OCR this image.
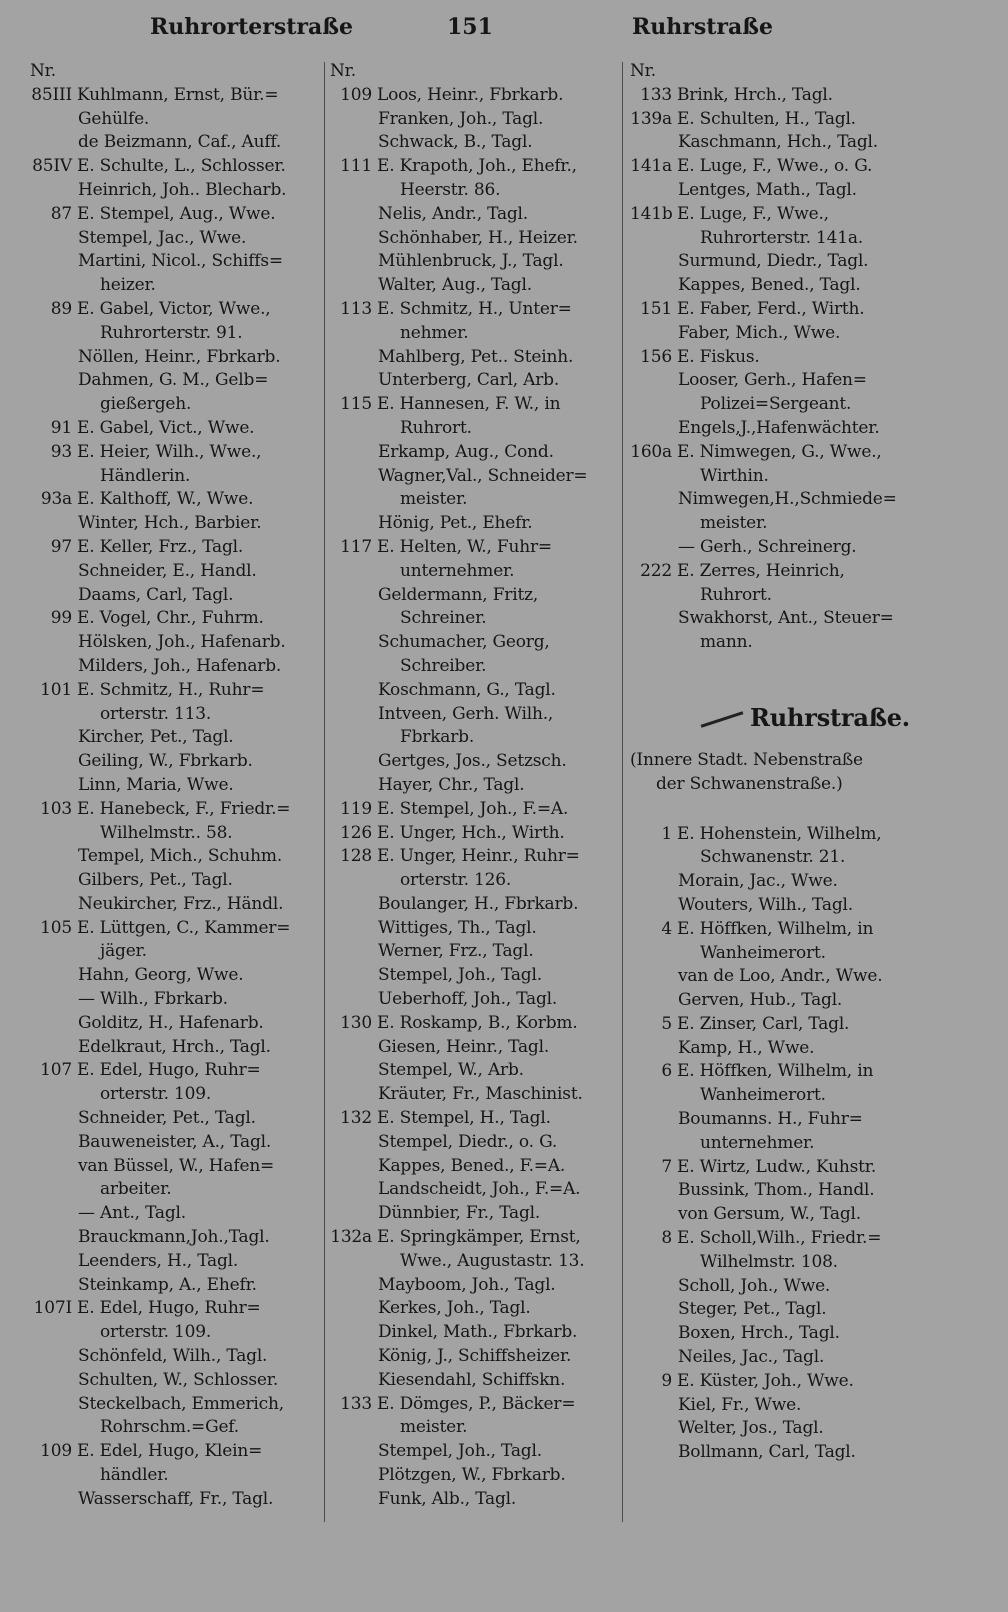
Ruhrorterstraße	151	Ruhrstraße
Nr.
85III Kuhlmann, Ernst, Bür.=
Gehülfe.
de Beizmann, Caf., Auff.
85IV E. Schulte, L., Schlosser.
Heinrich, Joh.. Blecharb.
87 E. Stempel, Aug., Wwe.
Stempel, Jac., Wwe.
Martini, Nicol., Schiffs=
heizer.
89 E. Gabel, Victor, Wwe.,
Ruhrorterstr. 91.
Nöllen, Heinr., Fbrkarb.
Dahmen, G. M., Gelb=
gießergeh.
91 E. Gabel, Vict., Wwe.
93 E. Heier, Wilh., Wwe.,
Händlerin.
93a E. Kalthoff, W., Wwe.
Winter, Hch., Barbier.
97 E. Keller, Frz., Tagl.
Schneider, E., Handl.
Daams, Carl, Tagl.
99 E. Vogel, Chr., Fuhrm.
Hölsken, Joh., Hafenarb.
Milders, Joh., Hafenarb.
101 E. Schmitz, H., Ruhr=
orterstr. 113.
Kircher, Pet., Tagl.
Geiling, W., Fbrkarb.
Linn, Maria, Wwe.
103 E. Hanebeck, F., Friedr.=
Wilhelmstr.. 58.
Tempel, Mich., Schuhm.
Gilbers, Pet., Tagl.
Neukircher, Frz., Händl.
105 E. Lüttgen, C., Kammer=
jäger.
Hahn, Georg, Wwe.
— Wilh., Fbrkarb.
Golditz, H., Hafenarb.
Edelkraut, Hrch., Tagl.
107 E. Edel, Hugo, Ruhr=
orterstr. 109.
Schneider, Pet., Tagl.
Bauweneister, A., Tagl.
van Büssel, W., Hafen=
arbeiter.
— Ant., Tagl.
Brauckmann,Joh.,Tagl.
Leenders, H., Tagl.
Steinkamp, A., Ehefr.
107I E. Edel, Hugo, Ruhr=
orterstr. 109.
Schönfeld, Wilh., Tagl.
Schulten, W., Schlosser.
Steckelbach, Emmerich,
Rohrschm.=Gef.
109 E. Edel, Hugo, Klein=
händler.
Wasserschaff, Fr., Tagl.
Nr.
109 Loos, Heinr., Fbrkarb.
Franken, Joh., Tagl.
Schwack, B., Tagl.
111 E. Krapoth, Joh., Ehefr.,
Heerstr. 86.
Nelis, Andr., Tagl.
Schönhaber, H., Heizer.
Mühlenbruck, J., Tagl.
Walter, Aug., Tagl.
113 E. Schmitz, H., Unter=
nehmer.
Mahlberg, Pet.. Steinh.
Unterberg, Carl, Arb.
115 E. Hannesen, F. W., in
Ruhrort.
Erkamp, Aug., Cond.
Wagner,Val., Schneider=
meister.
Hönig, Pet., Ehefr.
117 E. Helten, W., Fuhr=
unternehmer.
Geldermann, Fritz,
Schreiner.
Schumacher, Georg,
Schreiber.
Koschmann, G., Tagl.
Intveen, Gerh. Wilh.,
Fbrkarb.
Gertges, Jos., Setzsch.
Hayer, Chr., Tagl.
119 E. Stempel, Joh., F.=A.
126 E. Unger, Hch., Wirth.
128 E. Unger, Heinr., Ruhr=
orterstr. 126.
Boulanger, H., Fbrkarb.
Wittiges, Th., Tagl.
Werner, Frz., Tagl.
Stempel, Joh., Tagl.
Ueberhoff, Joh., Tagl.
130 E. Roskamp, B., Korbm.
Giesen, Heinr., Tagl.
Stempel, W., Arb.
Kräuter, Fr., Maschinist.
132 E. Stempel, H., Tagl.
Stempel, Diedr., o. G.
Kappes, Bened., F.=A.
Landscheidt, Joh., F.=A.
Dünnbier, Fr., Tagl.
132a E. Springkämper, Ernst,
Wwe., Augustastr. 13.
Mayboom, Joh., Tagl.
Kerkes, Joh., Tagl.
Dinkel, Math., Fbrkarb.
König, J., Schiffsheizer.
Kiesendahl, Schiffskn.
133 E. Dömges, P., Bäcker=
meister.
Stempel, Joh., Tagl.
Plötzgen, W., Fbrkarb.
Funk, Alb., Tagl.
Nr.
133 Brink, Hrch., Tagl.
139a E. Schulten, H., Tagl.
Kaschmann, Hch., Tagl.
141a E. Luge, F., Wwe., o. G.
Lentges, Math., Tagl.
141b E. Luge, F., Wwe.,
Ruhrorterstr. 141a.
Surmund, Diedr., Tagl.
Kappes, Bened., Tagl.
151 E. Faber, Ferd., Wirth.
Faber, Mich., Wwe.
156 E. Fiskus.
Looser, Gerh., Hafen=
Polizei=Sergeant.
Engels,J.,Hafenwächter.
160a E. Nimwegen, G., Wwe.,
Wirthin.
Nimwegen,H.,Schmiede=
meister.
— Gerh., Schreinerg.
222 E. Zerres, Heinrich,
Ruhrort.
Swakhorst, Ant., Steuer=
mann.
Ruhrstraße.
(Innere Stadt. Nebenstraße
der Schwanenstraße.)
1 E. Hohenstein, Wilhelm,
Schwanenstr. 21.
Morain, Jac., Wwe.
Wouters, Wilh., Tagl.
4 E. Höffken, Wilhelm, in
Wanheimerort.
van de Loo, Andr., Wwe.
Gerven, Hub., Tagl.
5 E. Zinser, Carl, Tagl.
Kamp, H., Wwe.
6 E. Höffken, Wilhelm, in
Wanheimerort.
Boumanns. H., Fuhr=
unternehmer.
7 E. Wirtz, Ludw., Kuhstr.
Bussink, Thom., Handl.
von Gersum, W., Tagl.
8 E. Scholl,Wilh., Friedr.=
Wilhelmstr. 108.
Scholl, Joh., Wwe.
Steger, Pet., Tagl.
Boxen, Hrch., Tagl.
Neiles, Jac., Tagl.
9 E. Küster, Joh., Wwe.
Kiel, Fr., Wwe.
Welter, Jos., Tagl.
Bollmann, Carl, Tagl.
